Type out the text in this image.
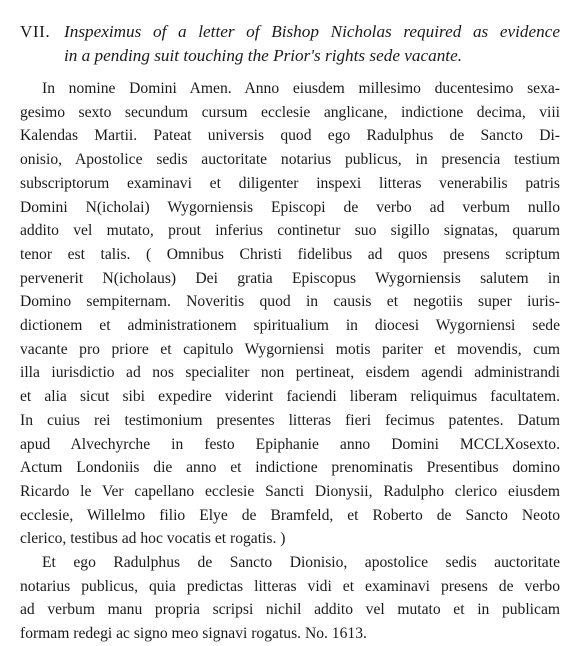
VII. Inspeximus of a letter of Bishop Nicholas required as evidence
in a pending suit touching the Prior's rights sede vacante.
In nomine Domini Amen. Anno eiusdem millesimo ducentesimo sexa-
gesimo sexto secundum cursum ecclesie anglicane, indictione decima, viii
Kalendas Martii. Pateat universis quod ego Radulphus de Sancto Di-
onisio, Apostolice sedis auctoritate notarius publicus, in presencia testium
subscriptorum examinavi et diligenter inspexi litteras venerabilis patris
Domini N(icholai) Wygorniensis Episcopi de verbo ad verbum nullo
addito vel mutato, prout inferius continetur suo sigillo signatas, quarum
tenor est talis. ( Omnibus Christi fidelibus ad quos presens scriptum
pervenerit N(icholaus) Dei gratia Episcopus Wygorniensis salutem in
Domino sempiternam. Noveritis quod in causis et negotiis super iuris-
dictionem et administrationem spiritualium in diocesi Wygorniensi sede
vacante pro priore et capitulo Wygorniensi motis pariter et movendis, cum
illa iurisdictio ad nos specialiter non pertineat, eisdem agendi administrandi
et alia sicut sibi expedire viderint faciendi liberam reliquimus facultatem.
In cuius rei testimonium presentes litteras fieri fecimus patentes. Datum
apud Alvechyrche in festo Epiphanie anno Domini MCCLXosexto.
Actum Londoniis die anno et indictione prenominatis Presentibus domino
Ricardo le Ver capellano ecclesie Sancti Dionysii, Radulpho clerico eiusdem
ecclesie, Willelmo filio Elye de Bramfeld, et Roberto de Sancto Neoto
clerico, testibus ad hoc vocatis et rogatis. )
Et ego Radulphus de Sancto Dionisio, apostolice sedis auctoritate
notarius publicus, quia predictas litteras vidi et examinavi presens de verbo
ad verbum manu propria scripsi nichil addito vel mutato et in publicam
formam redegi ac signo meo signavi rogatus. No. 1613.
